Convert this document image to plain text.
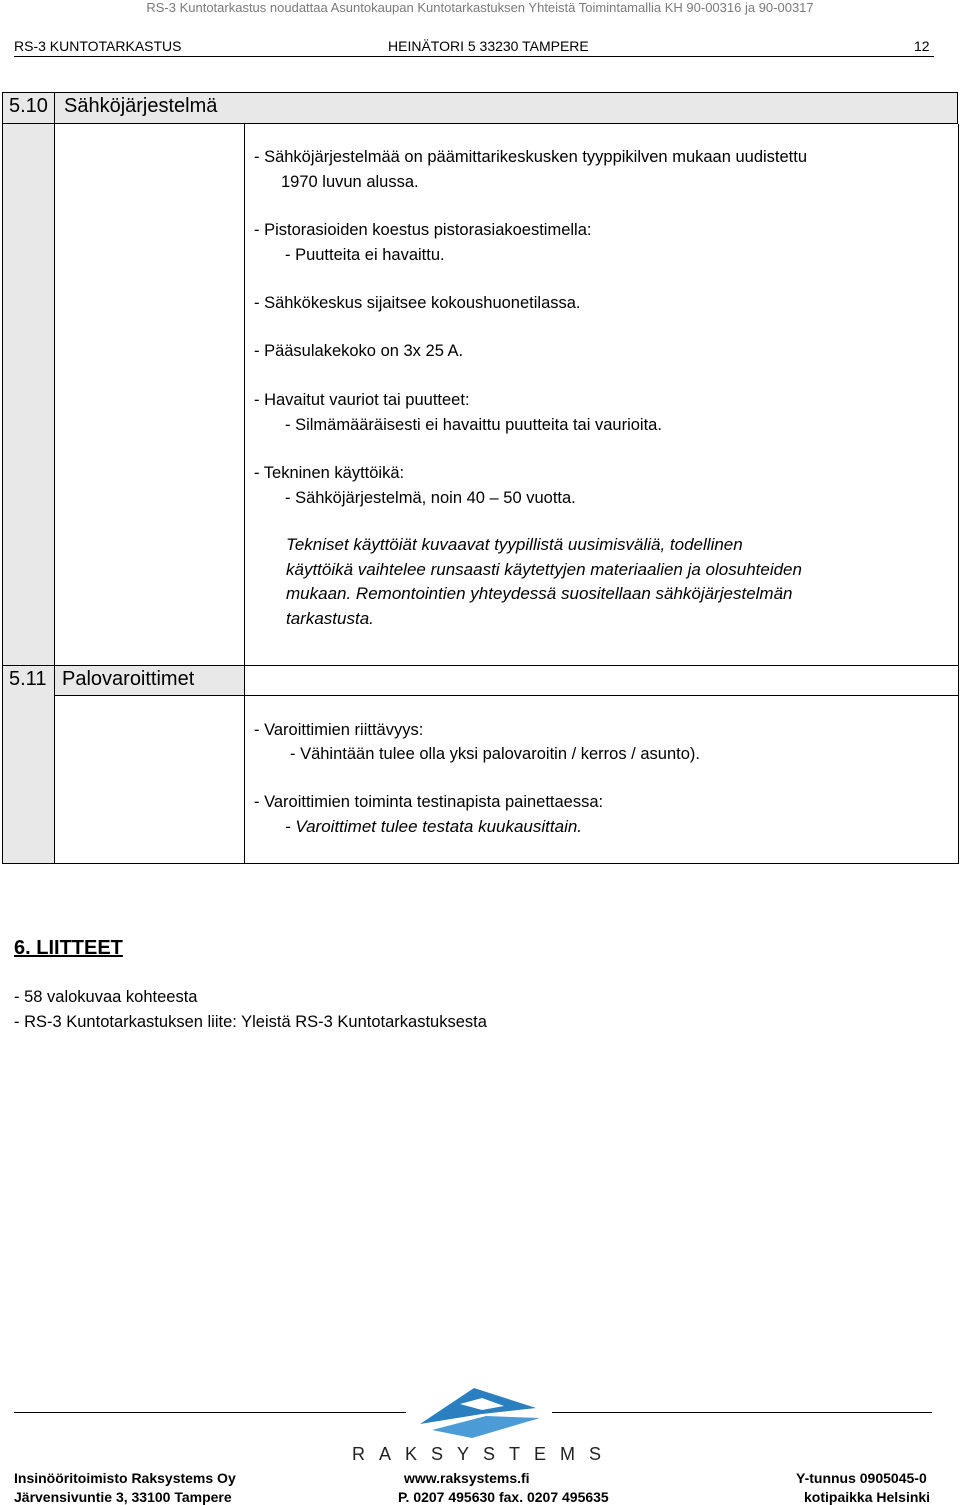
RS-3 Kuntotarkastus noudattaa Asuntokaupan Kuntotarkastuksen Yhteistä Toimintamallia KH 90-00316 ja 90-00317
RS-3 KUNTOTARKASTUS	HEINÄTORI 5 33230 TAMPERE	12
5.10 Sähköjärjestelmä
- Sähköjärjestelmää on päämittarikeskusken tyyppikilven mukaan uudistettu
1970 luvun alussa.
- Pistorasioiden koestus pistorasiakoestimella:
- Puutteita ei havaittu.
- Sähkökeskus sijaitsee kokoushuonetilassa.
- Pääsulakekoko on 3x 25 A.
- Havaitut vauriot tai puutteet:
- Silmämääräisesti ei havaittu puutteita tai vaurioita.
- Tekninen käyttöikä:
- Sähköjärjestelmä, noin 40 – 50 vuotta.
Tekniset käyttöiät kuvaavat tyypillistä uusimisväliä, todellinen
käyttöikä vaihtelee runsaasti käytettyjen materiaalien ja olosuhteiden
mukaan. Remontointien yhteydessä suositellaan sähköjärjestelmän
tarkastusta.
5.11 Palovaroittimet
- Varoittimien riittävyys:
- Vähintään tulee olla yksi palovaroitin / kerros / asunto).
- Varoittimien toiminta testinapista painettaessa:
- Varoittimet tulee testata kuukausittain.
6. LIITTEET
- 58 valokuvaa kohteesta
- RS-3 Kuntotarkastuksen liite: Yleistä RS-3 Kuntotarkastuksesta
RAKSYSTEMS
Insinööritoimisto Raksystems Oy
Järvensivuntie 3, 33100 Tampere
www.raksystems.fi
P. 0207 495630 fax. 0207 495635
Y-tunnus 0905045-0
kotipaikka Helsinki
